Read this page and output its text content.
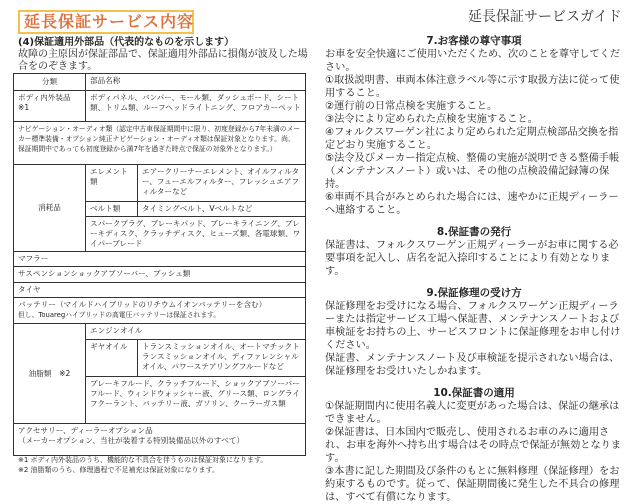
延長保証サービス内容	延長保証サービスガイド
(4)保証適用外部品（代表的なものを示します）
故障の主原因が保証部品で、保証適用外部品に損傷が波及した場合をのぞきます。
分類	部品名称	
ボディ内外装品 ※1	ボディパネル、バンパー、モール類、ダッシュボード、シート類、トリム類、ルーフヘッドライトニング、フロアカーペット	
ナビゲーション・オーディオ類（認定中古車保証期間中に限り、初度登録から7年未満のメーカー標準装備・オプション純正ナビゲーション・オーディオ類は保証対象となります。尚、保証期間中であっても初度登録から満7年を過ぎた時点で保証の対象外となります。）		
消耗品	エレメント類	エアークリーナーエレメント、オイルフィルター、フューエルフィルター、フレッシュエアフィルターなど
	ベルト類	タイミングベルト、Vベルトなど
	スパークプラグ、ブレーキパッド、ブレーキライニング、ブレーキディスク、クラッチディスク、ヒューズ類、各電球類、ワイパーブレード	
マフラー		
サスペンションショックアブソーバー、ブッシュ類		
タイヤ		

バッテリー（マイルドハイブリッドのリチウムイオンバッテリーを含む）
但し、Touaregハイブリッドの高電圧バッテリーは保証されます。		

油脂類　※2	エンジンオイル	
	ギヤオイル	トランスミッションオイル、オートマチックトランスミッションオイル、ディファレンシャルオイル、パワーステアリングフルードなど
	ブレーキフルード、クラッチフルード、ショックアブソーバーフルード、ウィンドウォッシャー液、グリース類、ロングライフクーラント、バッテリー液、ガソリン、クーラーガス類	

アクセサリー、ディーラーオプション品
（メーカーオプション、当社が装着する特別装備品以外のすべて）		
※1 ボディ内外装品のうち、機能的な不具合を伴うものは保証対象になります。
※2 油脂類のうち、修理過程で不足補充は保証対象になります。
7.お客様の尊守事項

お車を安全快適にご使用いただくため、次のことを尊守してください。

①取扱説明書、車両本体注意ラベル等に示す取扱方法に従って使用すること。

②運行前の日常点検を実施すること。

③法令により定められた点検を実施すること。

④フォルクスワーゲン社により定められた定期点検部品交換を指定どおり実施すること。

⑤法令及びメーカー指定点検、整備の実施が説明できる整備手帳（メンテナンスノート）或いは、その他の点検設備記録簿の保持。

⑥車両不具合がみとめられた場合には、速やかに正規ディーラーへ連絡すること。

8.保証書の発行

保証書は、フォルクスワーゲン正規ディーラーがお車に関する必要事項を記入し、店名を記入捺印することにより有効となります。

9.保証修理の受け方

保証修理をお受けになる場合、フォルクスワーゲン正規ディーラーまたは指定サービス工場へ保証書、メンテナンスノートおよび車検証をお持ちの上、サービスフロントに保証修理をお申し付けください。

保証書、メンテナンスノート及び車検証を提示されない場合は、保証修理をお受けいたしかねます。

10.保証書の適用

①保証期間内に使用名義人に変更があった場合は、保証の継承はできません。

②保証書は、日本国内で販売し、使用されるお車のみに適用され、お車を海外へ持ち出す場合はその時点で保証が無効となります。

③本書に記した期間及び条件のもとに無料修理（保証修理）をお約束するものです。従って、保証期間後に発生した不具合の修理は、すべて有償になります。
